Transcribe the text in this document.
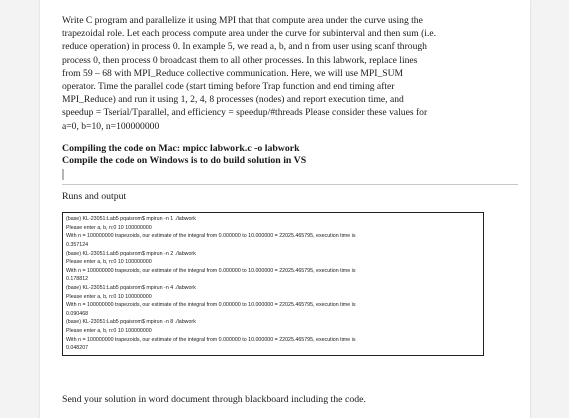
Write C program and parallelize it using MPI that that compute area under the curve using the
trapezoidal role. Let each process compute area under the curve for subinterval and then sum (i.e.
reduce operation) in process 0. In example 5, we read a, b, and n from user using scanf through
process 0, then process 0 broadcast them to all other processes. In this labwork, replace lines
from 59 – 68 with MPI_Reduce collective communication. Here, we will use MPI_SUM
operator. Time the parallel code (start timing before Trap function and end timing after
MPI_Reduce) and run it using 1, 2, 4, 8 processes (nodes) and report execution time, and
speedup = Tserial/Tparallel, and efficiency = speedup/#threads Please consider these values for
a=0, b=10, n=100000000

Compiling the code on Mac: mpicc labwork.c -o labwork

Compile the code on Windows is to do build solution in VS

Runs and output

(base) KL-23051:Lab5 pqaisrom$ mpirun -n 1 ./labwork
Please enter a, b, n:0 10 100000000
With n = 100000000 trapezoids, our estimate of the integral from 0.000000 to 10.000000 = 22025.465795, execution time is
0.357124
(base) KL-23051:Lab5 pqaisrom$ mpirun -n 2 ./labwork
Please enter a, b, n:0 10 100000000
With n = 100000000 trapezoids, our estimate of the integral from 0.000000 to 10.000000 = 22025.465795, execution time is
0.178812
(base) KL-23051:Lab5 pqaisrom$ mpirun -n 4 ./labwork
Please enter a, b, n:0 10 100000000
With n = 100000000 trapezoids, our estimate of the integral from 0.000000 to 10.000000 = 22025.465795, execution time is
0.090468
(base) KL-23051:Lab5 pqaisrom$ mpirun -n 8 ./labwork
Please enter a, b, n:0 10 100000000
With n = 100000000 trapezoids, our estimate of the integral from 0.000000 to 10.000000 = 22025.465795, execution time is
0.048207
Send your solution in word document through blackboard including the code.
